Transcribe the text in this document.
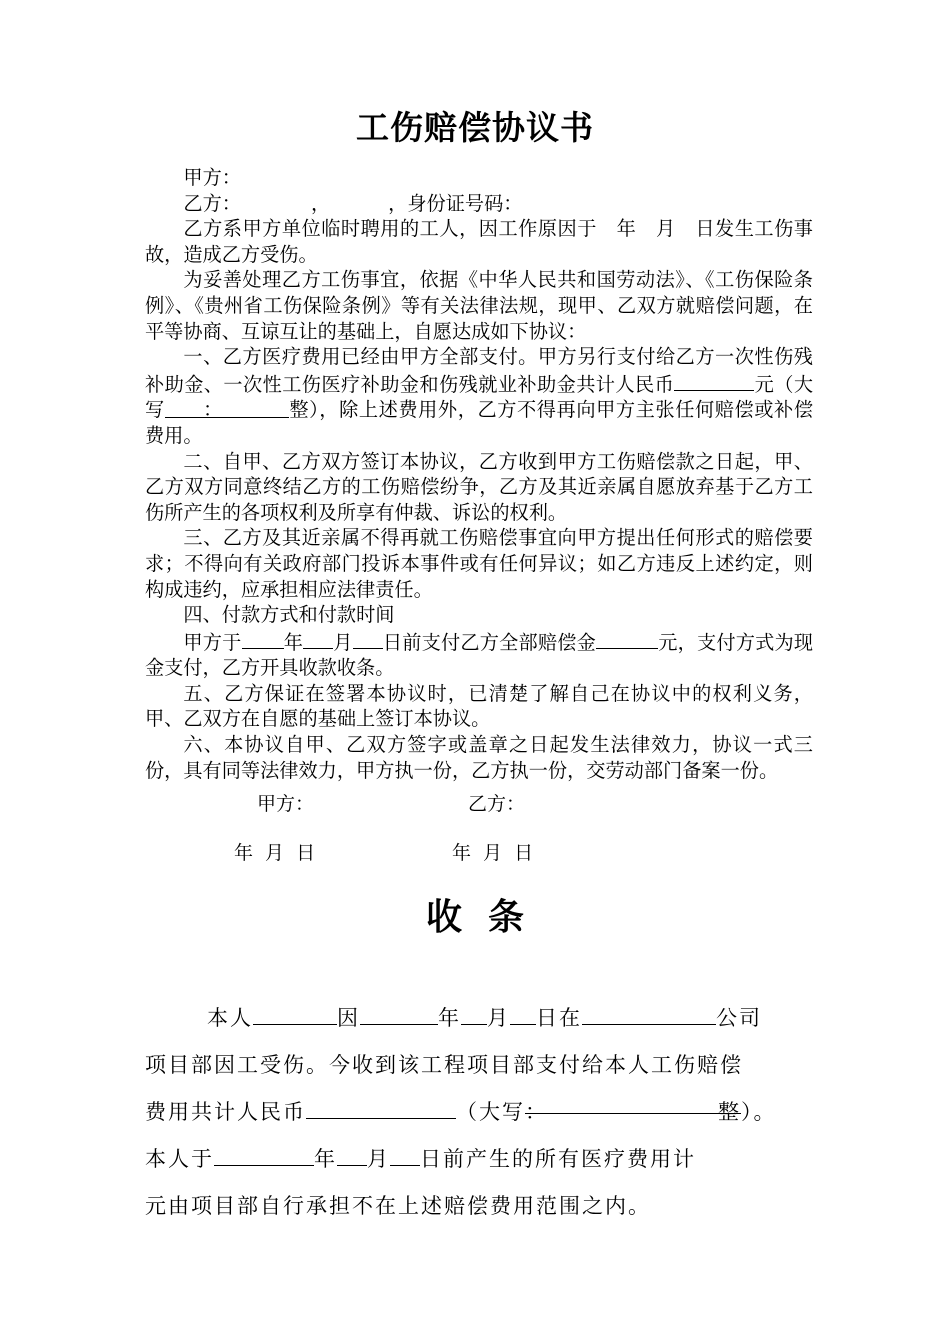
工伤赔偿协议书

甲方：

乙方：	，	，身份证号码：

乙方系甲方单位临时聘用的工人，因工作原因于　年　月　日发生工伤事故，造成乙方受伤。

为妥善处理乙方工伤事宜，依据《中华人民共和国劳动法》、《工伤保险条例》、《贵州省工伤保险条例》等有关法律法规，现甲、乙双方就赔偿问题，在平等协商、互谅互让的基础上，自愿达成如下协议：

一、乙方医疗费用已经由甲方全部支付。甲方另行支付给乙方一次性伤残补助金、一次性工伤医疗补助金和伤残就业补助金共计人民币	元（大写 ：	整），除上述费用外，乙方不得再向甲方主张任何赔偿或补偿费用。

二、自甲、乙方双方签订本协议，乙方收到甲方工伤赔偿款之日起，甲、乙方双方同意终结乙方的工伤赔偿纷争，乙方及其近亲属自愿放弃基于乙方工伤所产生的各项权利及所享有仲裁、诉讼的权利。

三、乙方及其近亲属不得再就工伤赔偿事宜向甲方提出任何形式的赔偿要求；不得向有关政府部门投诉本事件或有任何异议；如乙方违反上述约定，则构成违约，应承担相应法律责任。

四、付款方式和付款时间

甲方于 年 月 日前支付乙方全部赔偿金	元，支付方式为现金支付，乙方开具收款收条。

五、乙方保证在签署本协议时，已清楚了解自己在协议中的权利义务，甲、乙双方在自愿的基础上签订本协议。

六、本协议自甲、乙双方签字或盖章之日起发生法律效力，协议一式三份，具有同等法律效力，甲方执一份，乙方执一份，交劳动部门备案一份。

甲方：	乙方：
年 月 日	年 月 日
收 条

本人	因	年 月 日在	公司

项目部因工受伤。今收到该工程项目部支付给本人工伤赔偿

费用共计人民币	（大写：	整）。

本人于	年 月 日前产生的所有医疗费用计

元由项目部自行承担不在上述赔偿费用范围之内。
